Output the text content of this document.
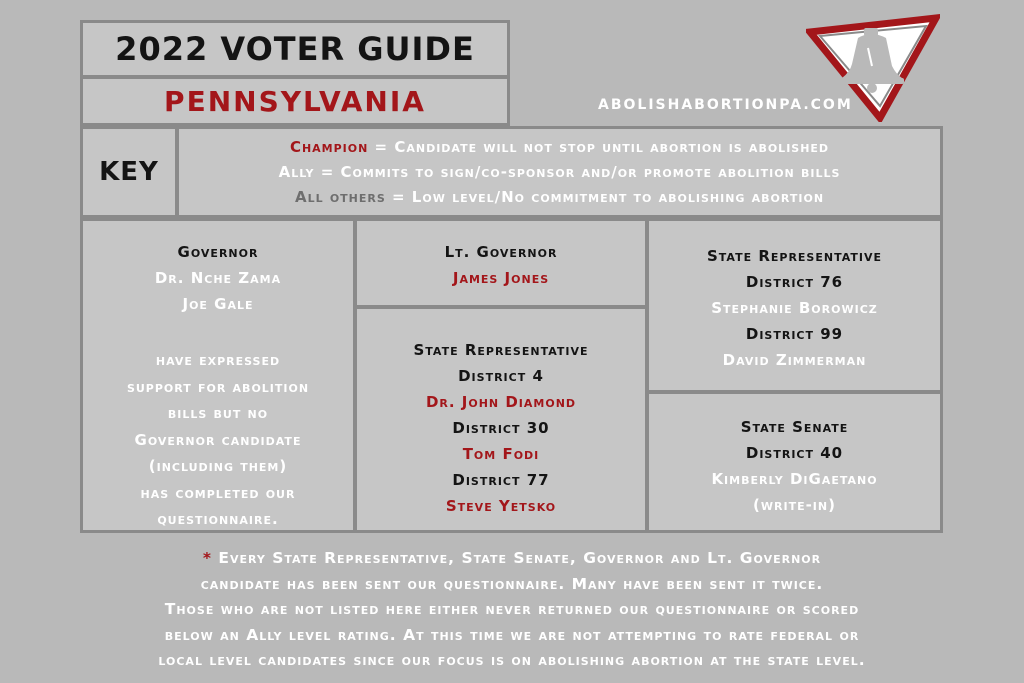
2022 VOTER GUIDE
PENNSYLVANIA	ABOLISHABORTIONPA.COM
KEY
Champion = Candidate will not stop until abortion is abolished
Ally = Commits to sign/co-sponsor and/or promote abolition bills
All others = Low level/No commitment to abolishing abortion
Governor
Dr. Nche Zama
Joe Gale
have expressed
support for abolition
bills but no
Governor candidate
(including them)
has completed our
questionnaire.
Lt. Governor
James Jones
State Representative
District 4
Dr. John Diamond
District 30
Tom Fodi
District 77
Steve Yetsko
State Representative
District 76
Stephanie Borowicz
District 99
David Zimmerman
State Senate
District 40
Kimberly DiGaetano
(write-in)
* Every State Representative, State Senate, Governor and Lt. Governor
candidate has been sent our questionnaire. Many have been sent it twice.
Those who are not listed here either never returned our questionnaire or scored
below an Ally level rating. At this time we are not attempting to rate federal or
local level candidates since our focus is on abolishing abortion at the state level.
